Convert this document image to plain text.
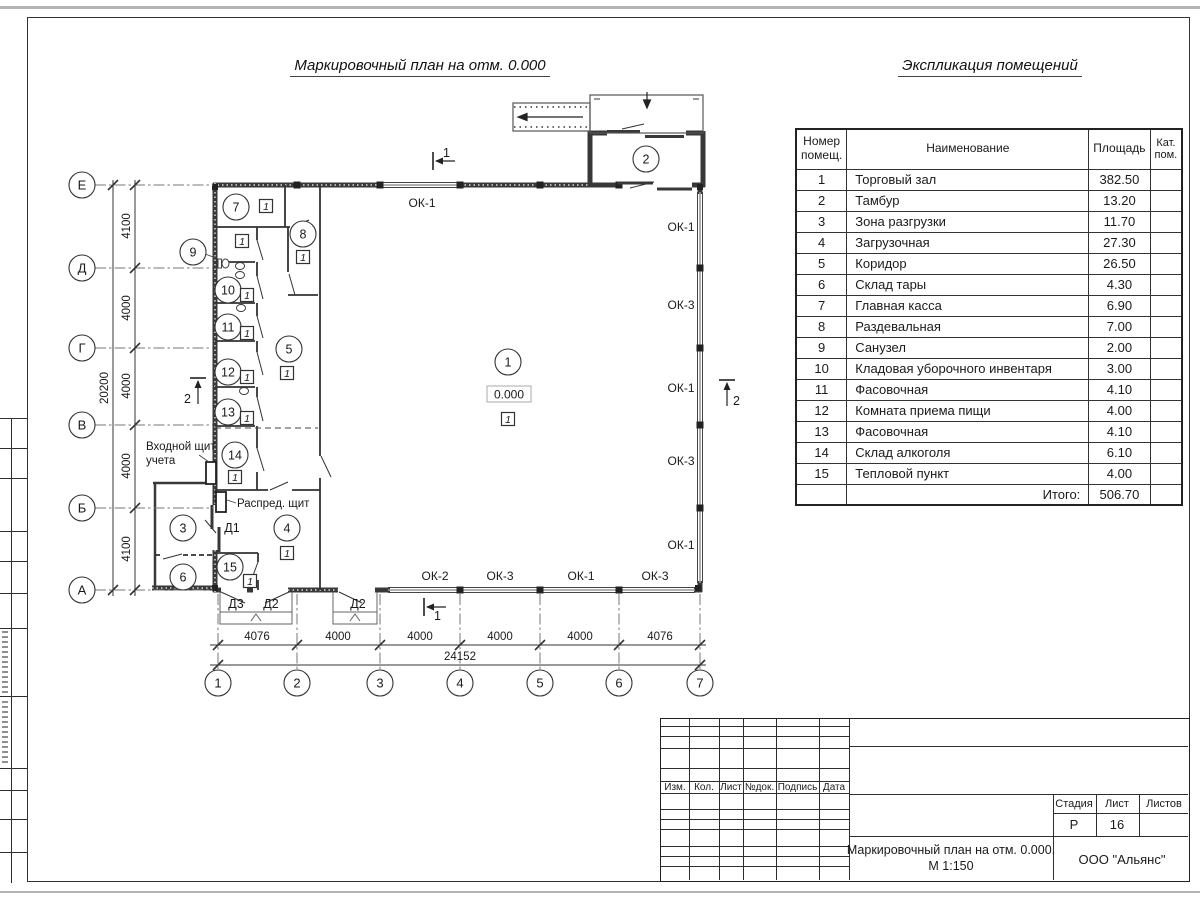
Маркировочный план на отм. 0.000	Экспликация помещений
Номер помещ.	Наименование	Площадь	Кат. пом.
1	Торговый зал	382.50	
2	Тамбур	13.20	
3	Зона разгрузки	11.70	
4	Загрузочная	27.30	
5	Коридор	26.50	
6	Склад тары	4.30	
7	Главная касса	6.90	
8	Раздевальная	7.00	
9	Санузел	2.00	
10	Кладовая уборочного инвентаря	3.00	
11	Фасовочная	4.10	
12	Комната приема пищи	4.00	
13	Фасовочная	4.10	
14	Склад алкоголя	6.10	
15	Тепловой пункт	4.00	
	Итого:	506.70	
0.000
Е
Д
Г
В
Б
А
1	2	3	4	5	6	7
4076	4000	4000	4000	4000	4076
24152
4100
4000
4000
4000
4100
20200
ОК-1
ОК-1
ОК-3
ОК-1
ОК-3
ОК-1
ОК-2	ОК-3	ОК-1	ОК-3
Д1
Д3 Д2	Д2
Входной щит
учета
Распред. щит
1
2
3	4
5
6
7
8
9
10
11
12
13
14
15
1
1
1
1
1
1
1
1
1
1
1
1
1
1
2	2
Изм. Кол. Лист №док. Подпись Дата
Стадия Лист Листов
Р 16
Маркировочный план на отм. 0.000.
М 1:150	ООО "Альянс"
